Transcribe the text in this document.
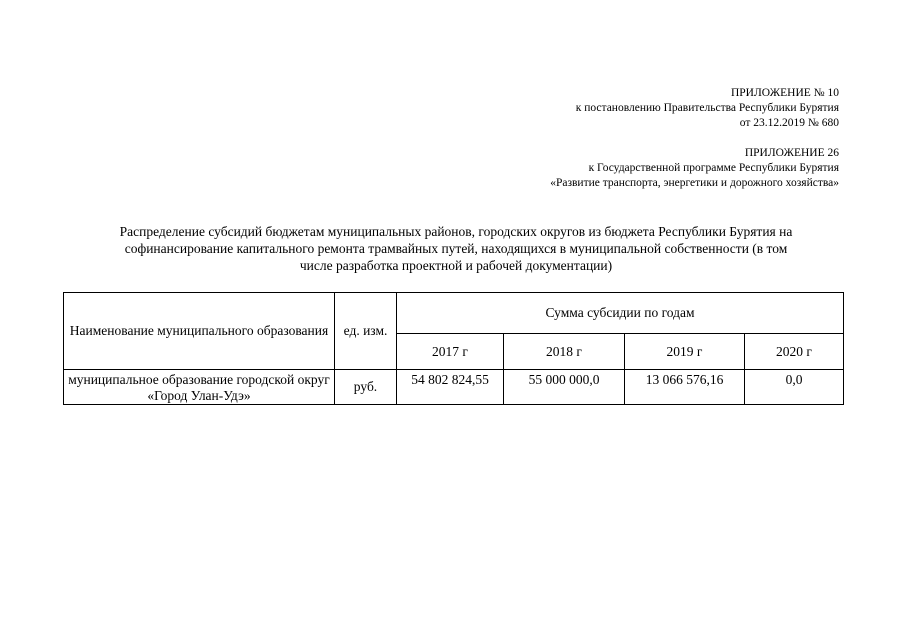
ПРИЛОЖЕНИЕ № 10
к постановлению Правительства Республики Бурятия
от 23.12.2019 № 680
ПРИЛОЖЕНИЕ 26
к Государственной программе Республики Бурятия
«Развитие транспорта, энергетики и дорожного хозяйства»
Распределение субсидий бюджетам муниципальных районов, городских округов из бюджета Республики Бурятия на
софинансирование капитального ремонта трамвайных путей, находящихся в муниципальной собственности (в том
числе разработка проектной и рабочей документации)
Наименование муниципального образования	ед. изм.	Сумма субсидии по годам			
		2017 г	2018 г	2019 г	2020 г
муниципальное образование городской округ «Город Улан-Удэ»	руб.	54 802 824,55	55 000 000,0	13 066 576,16	0,0
